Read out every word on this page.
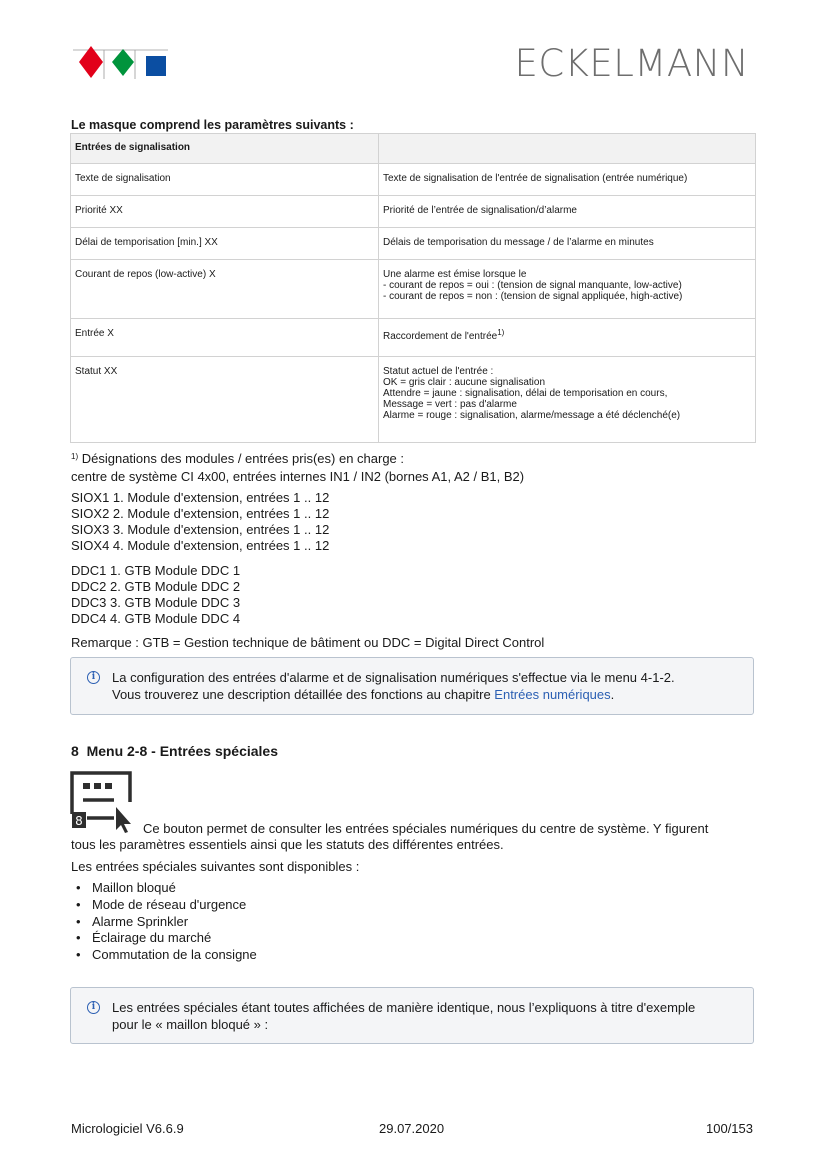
ECKELMANN
Le masque comprend les paramètres suivants :
Entrées de signalisation	
Texte de signalisation	Texte de signalisation de l'entrée de signalisation (entrée numérique)

Priorité XX	Priorité de l’entrée de signalisation/d’alarme

Délai de temporisation [min.] XX	Délais de temporisation du message / de l’alarme en minutes

Courant de repos (low-active) X	Une alarme est émise lorsque le
- courant de repos = oui : (tension de signal manquante, low-active)
- courant de repos = non : (tension de signal appliquée, high-active)

Entrée X	Raccordement de l'entrée$^{1)}$
Statut XX	Statut actuel de l'entrée :
OK = gris clair : aucune signalisation
Attendre = jaune : signalisation, délai de temporisation en cours,
Message = vert : pas d'alarme
Alarme = rouge : signalisation, alarme/message a été déclenché(e)
$^{1)}$ Désignations des modules / entrées pris(es) en charge :
centre de système CI 4x00, entrées internes IN1 / IN2 (bornes A1, A2 / B1, B2)
SIOX1 1. Module d'extension, entrées 1 .. 12
SIOX2 2. Module d'extension, entrées 1 .. 12
SIOX3 3. Module d'extension, entrées 1 .. 12
SIOX4 4. Module d'extension, entrées 1 .. 12
DDC1 1. GTB Module DDC 1
DDC2 2. GTB Module DDC 2
DDC3 3. GTB Module DDC 3
DDC4 4. GTB Module DDC 4
Remarque : GTB = Gestion technique de bâtiment ou DDC = Digital Direct Control
i	La configuration des entrées d'alarme et de signalisation numériques s'effectue via le menu 4-1-2.
Vous trouverez une description détaillée des fonctions au chapitre Entrées numériques.
8 Menu 2-8 - Entrées spéciales
8	Ce bouton permet de consulter les entrées spéciales numériques du centre de système. Y figurent
tous les paramètres essentiels ainsi que les statuts des différentes entrées.
Les entrées spéciales suivantes sont disponibles :
• Maillon bloqué
• Mode de réseau d'urgence
• Alarme Sprinkler
• Éclairage du marché
• Commutation de la consigne
i	Les entrées spéciales étant toutes affichées de manière identique, nous l’expliquons à titre d'exemple
pour le « maillon bloqué » :
Micrologiciel V6.6.9	29.07.2020	100/153
